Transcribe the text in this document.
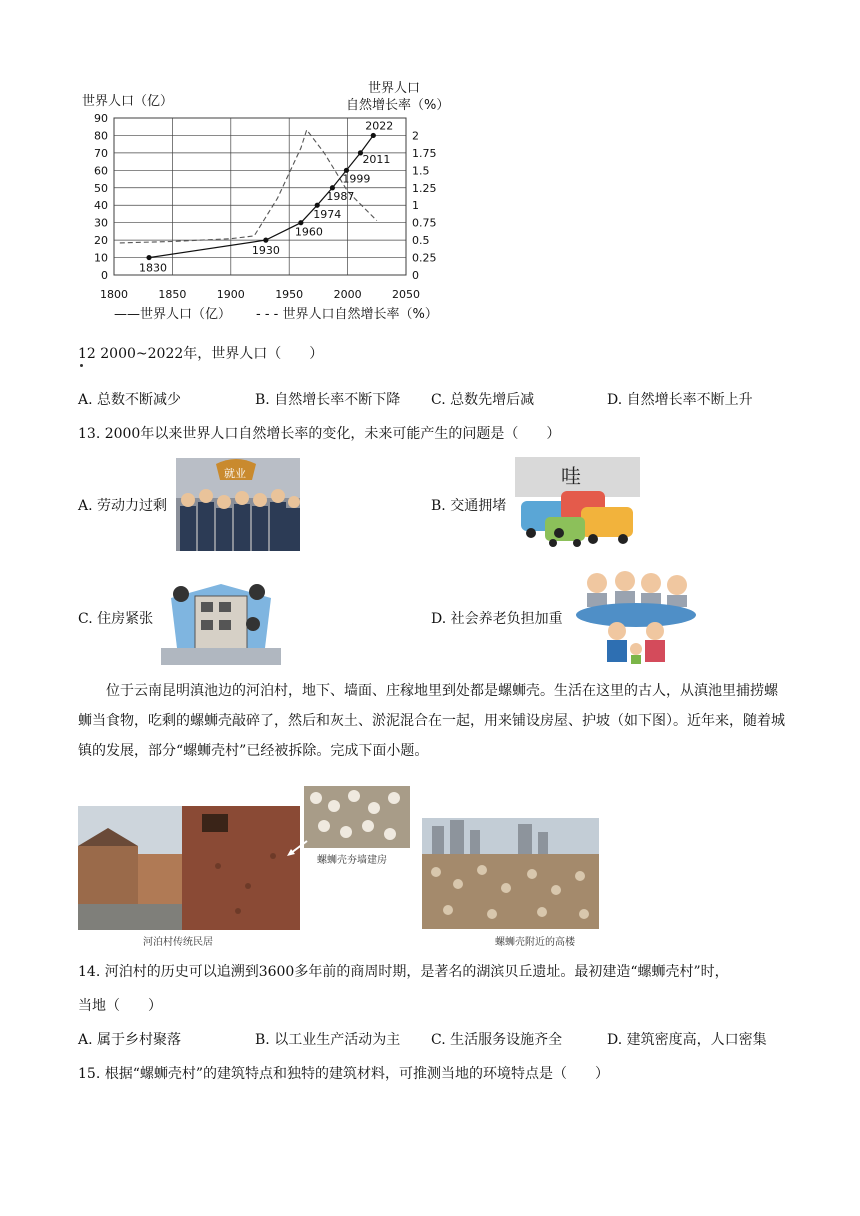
世界人口（亿）
世界人口
自然增长率（%）
0
10
20
30
40
50
60
70
80
90
1800	1850	1900	1950	2000	2050
0
0.25
0.5
0.75
1
1.25
1.5
1.75
2
1830
1930
1960
1974
1987
1999
2011
2022
——世界人口（亿） - - - 世界人口自然增长率（%）
12 2000~2022年，世界人口（　　）
A. 总数不断减少	B. 自然增长率不断下降 C. 总数先增后减	D. 自然增长率不断上升
13. 2000年以来世界人口自然增长率的变化，未来可能产生的问题是（　　）
A. 劳动力过剩
就业
B. 交通拥堵
哇
C. 住房紧张	D. 社会养老负担加重
位于云南昆明滇池边的河泊村，地下、墙面、庄稼地里到处都是螺蛳壳。生活在这里的古人，从滇池里捕捞螺蛳当食物，吃剩的螺蛳壳敲碎了，然后和灰土、淤泥混合在一起，用来铺设房屋、护坡（如下图）。近年来，随着城镇的发展，部分“螺蛳壳村”已经被拆除。完成下面小题。
河泊村传统民居
螺蛳壳夯墙建房
螺蛳壳附近的高楼
14. 河泊村的历史可以追溯到3600多年前的商周时期，是著名的湖滨贝丘遗址。最初建造“螺蛳壳村”时，
当地（　　）
A. 属于乡村聚落	B. 以工业生产活动为主 C. 生活服务设施齐全	D. 建筑密度高，人口密集
15. 根据“螺蛳壳村”的建筑特点和独特的建筑材料，可推测当地的环境特点是（　　）
